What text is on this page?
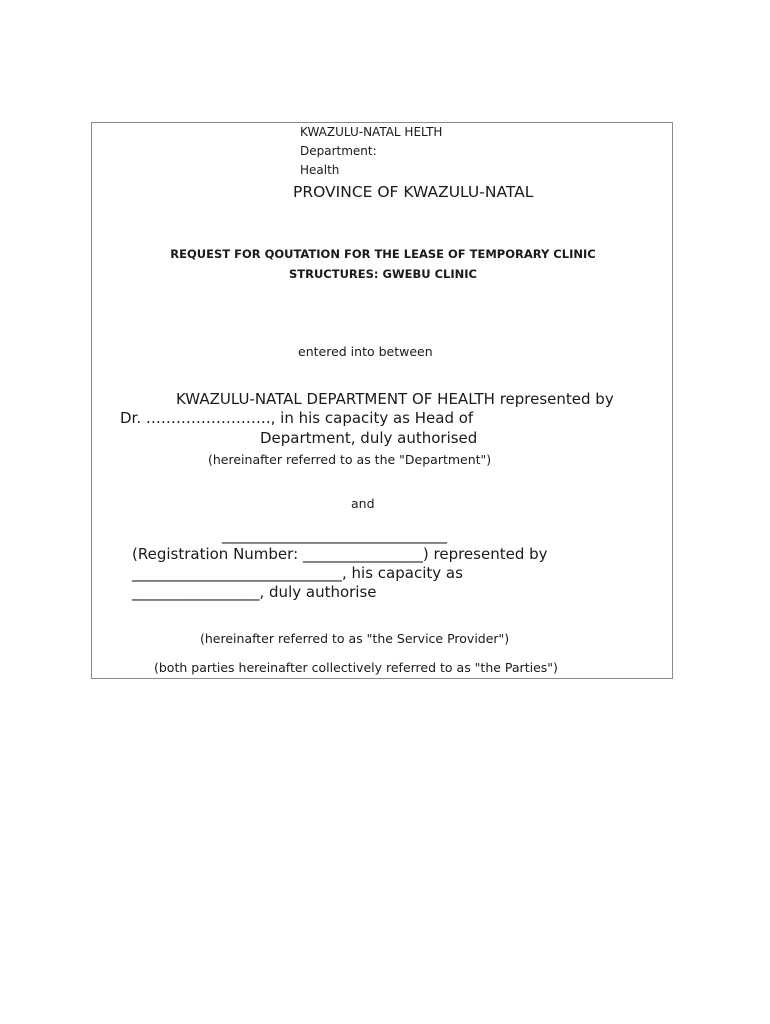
KWAZULU-NATAL HELTH
Department:
Health
PROVINCE OF KWAZULU-NATAL
REQUEST FOR QOUTATION FOR THE LEASE OF TEMPORARY CLINIC
STRUCTURES: GWEBU CLINIC
entered into between
KWAZULU-NATAL DEPARTMENT OF HEALTH represented by
Dr. ……………………., in his capacity as Head of
Department, duly authorised
(hereinafter referred to as the "Department")
and
______________________________
(Registration Number: ________________) represented by
____________________________, his capacity as
_________________, duly authorise
(hereinafter referred to as "the Service Provider")
(both parties hereinafter collectively referred to as "the Parties")
